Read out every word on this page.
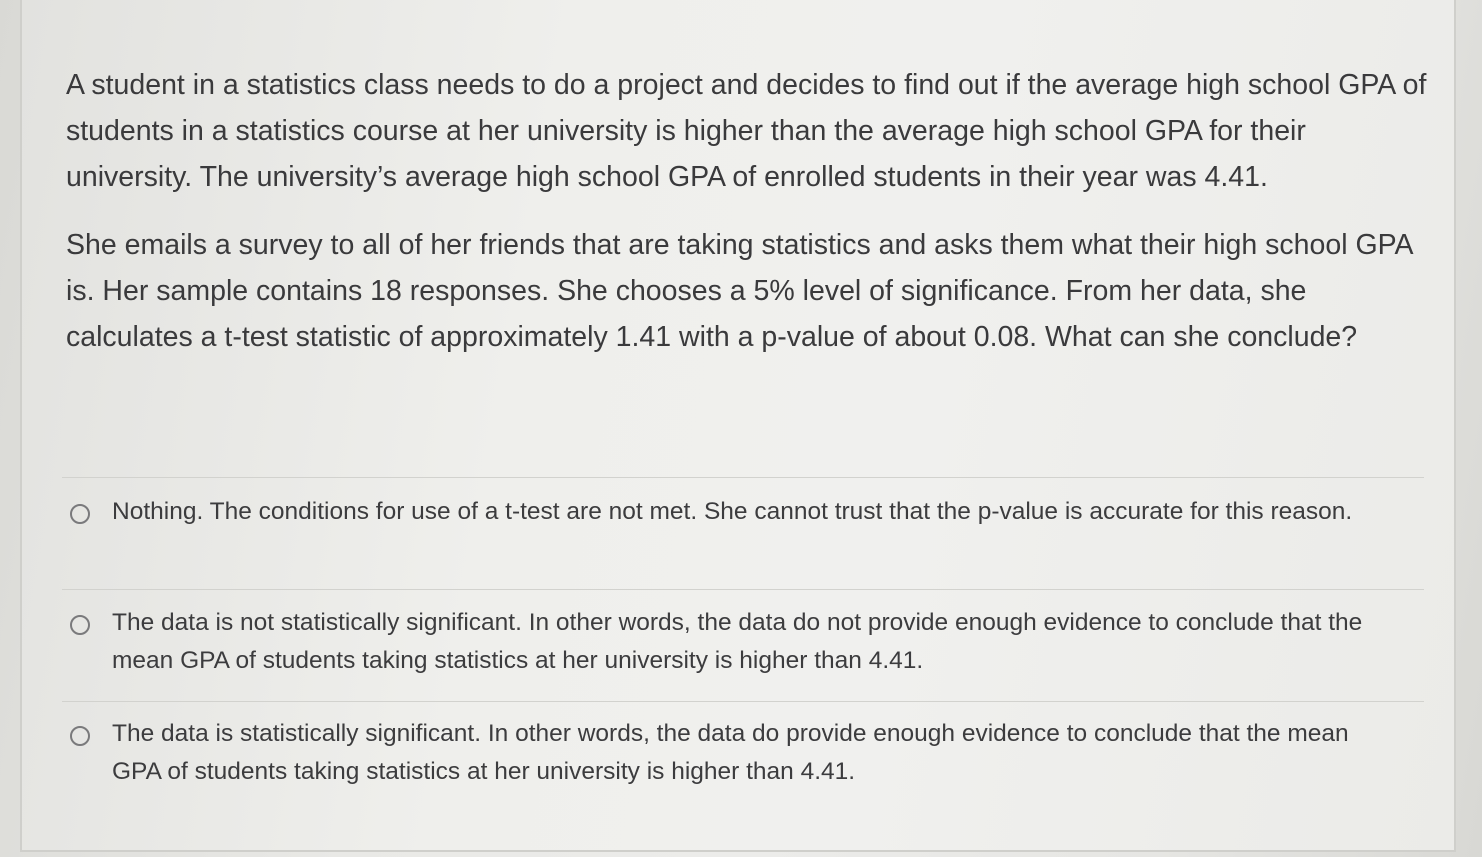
A student in a statistics class needs to do a project and decides to find out if the average high school GPA of students in a statistics course at her university is higher than the average high school GPA for their university. The university’s average high school GPA of enrolled students in their year was 4.41.

She emails a survey to all of her friends that are taking statistics and asks them what their high school GPA is. Her sample contains 18 responses. She chooses a 5% level of significance. From her data, she calculates a t-test statistic of approximately 1.41 with a p-value of about 0.08. What can she conclude?

Nothing. The conditions for use of a t-test are not met. She cannot trust that the p-value is accurate for this reason.
The data is not statistically significant. In other words, the data do not provide enough evidence to conclude that the mean GPA of students taking statistics at her university is higher than 4.41.
The data is statistically significant. In other words, the data do provide enough evidence to conclude that the mean GPA of students taking statistics at her university is higher than 4.41.
